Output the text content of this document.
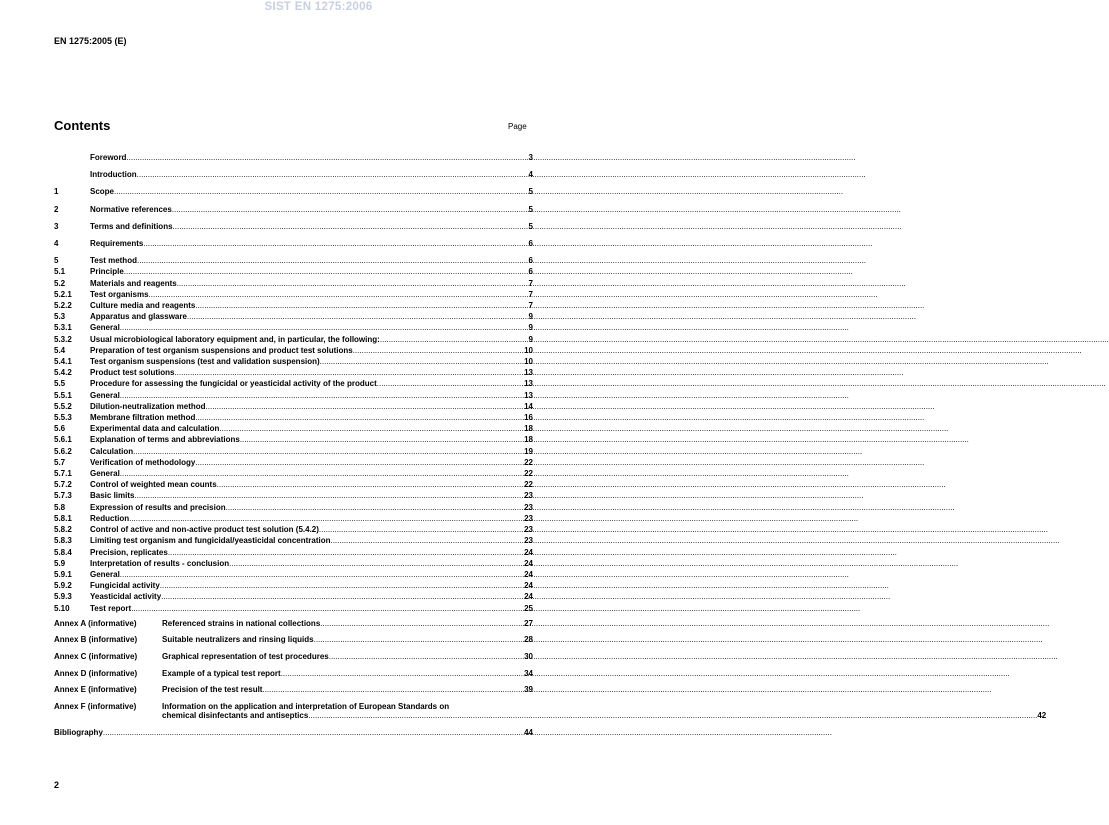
SIST EN 1275:2006
EN 1275:2005 (E)
Contents	Page
Foreword .....	3
Introduction .....	4
1	Scope .....	5
2	Normative references .....	5
3	Terms and definitions .....	5
4	Requirements .....	6
5	Test method .....	6
5.1	Principle .....	6
5.2	Materials and reagents .....	7
5.2.1	Test organisms .....	7
5.2.2	Culture media and reagents .....	7
5.3	Apparatus and glassware .....	9
5.3.1	General .....	9
5.3.2	Usual microbiological laboratory equipment and, in particular, the following: .....	9
5.4	Preparation of test organism suspensions and product test solutions .....	10
5.4.1	Test organism suspensions (test and validation suspension) .....	10
5.4.2	Product test solutions .....	13
5.5	Procedure for assessing the fungicidal or yeasticidal activity of the product .....	13
5.5.1	General .....	13
5.5.2	Dilution-neutralization method .....	14
5.5.3	Membrane filtration method .....	16
5.6	Experimental data and calculation .....	18
5.6.1	Explanation of terms and abbreviations .....	18
5.6.2	Calculation .....	19
5.7	Verification of methodology .....	22
5.7.1	General .....	22
5.7.2	Control of weighted mean counts .....	22
5.7.3	Basic limits .....	23
5.8	Expression of results and precision .....	23
5.8.1	Reduction .....	23
5.8.2	Control of active and non-active product test solution (5.4.2) .....	23
5.8.3	Limiting test organism and fungicidal/yeasticidal concentration .....	23
5.8.4	Precision, replicates .....	24
5.9	Interpretation of results - conclusion .....	24
5.9.1	General .....	24
5.9.2	Fungicidal activity .....	24
5.9.3	Yeasticidal activity .....	24
5.10	Test report .....	25
Annex A (informative)	Referenced strains in national collections .....	27
Annex B (informative)	Suitable neutralizers and rinsing liquids .....	28
Annex C (informative)	Graphical representation of test procedures .....	30
Annex D (informative)	Example of a typical test report .....	34
Annex E (informative)	Precision of the test result .....	39
Annex F (informative)	Information on the application and interpretation of European Standards on
chemical disinfectants and antiseptics .....	42
Bibliography .....	44
2
